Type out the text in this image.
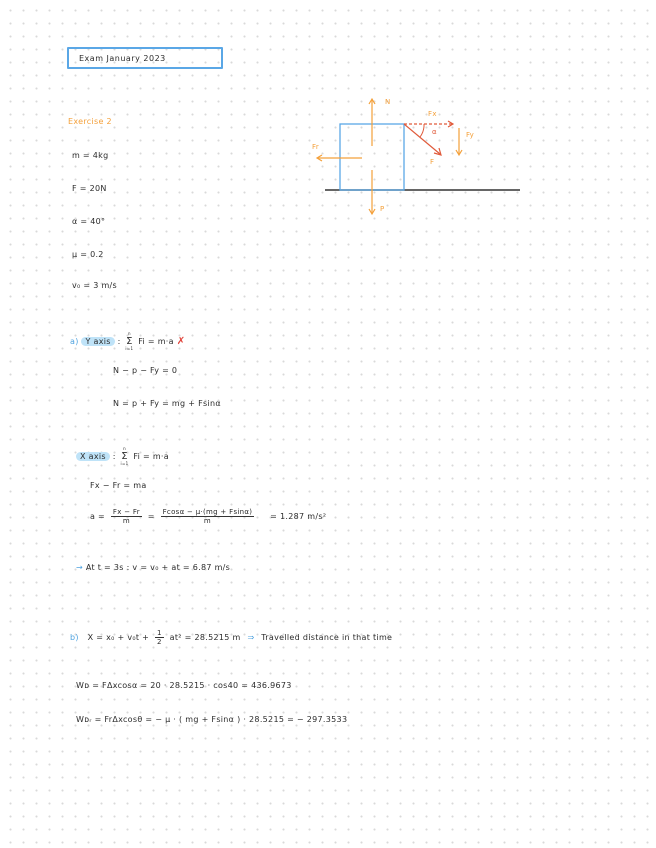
Exam January 2023
Exercise 2
m = 4kg
F = 20N
α = 40°
μ = 0.2
v₀ = 3 m/s
N
Fx
Fy
F
Fr
P
α
a) Y axis :
n
Σ
i=1
Fi = m·a ✗
N − p − Fy = 0
N = p + Fy = mg + Fsinα
X axis :
n
Σ
i=1
Fi = m·a
Fx − Fr = ma
$a = \frac{Fx - Fr}{m} = \frac{Fcos\alpha - \mu\cdot(mg + Fsin\alpha)}{m} = 1.287$ m/s²
→ At t = 3s : v = v₀ + at = 6.87 m/s
b) $X = x_0 + v_0t + \frac{1}{2} at^2 = 28.5215$ m ⇒ Travelled distance in that time
Wᴅ = FΔxcosα = 20 · 28.5215 · cos40 = 436.9673
Wᴅᵣ = FrΔxcosθ = − μ · ( mg + Fsinα ) · 28.5215 = − 297.3533
